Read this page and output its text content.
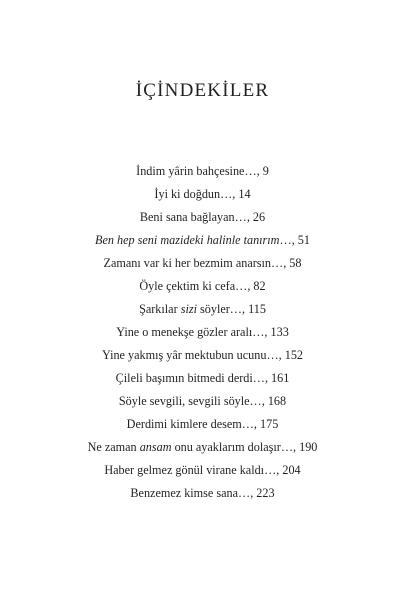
İÇİNDEKİLER
İndim yârin bahçesine…, 9
İyi ki doğdun…, 14
Beni sana bağlayan…, 26
Ben hep seni mazideki halinle tanırım…, 51
Zamanı var ki her bezmim anarsın…, 58
Öyle çektim ki cefa…, 82
Şarkılar sizi söyler…, 115
Yine o menekşe gözler aralı…, 133
Yine yakmış yâr mektubun ucunu…, 152
Çileli başımın bitmedi derdi…, 161
Söyle sevgili, sevgili söyle…, 168
Derdimi kimlere desem…, 175
Ne zaman ansam onu ayaklarım dolaşır…, 190
Haber gelmez gönül virane kaldı…, 204
Benzemez kimse sana…, 223
